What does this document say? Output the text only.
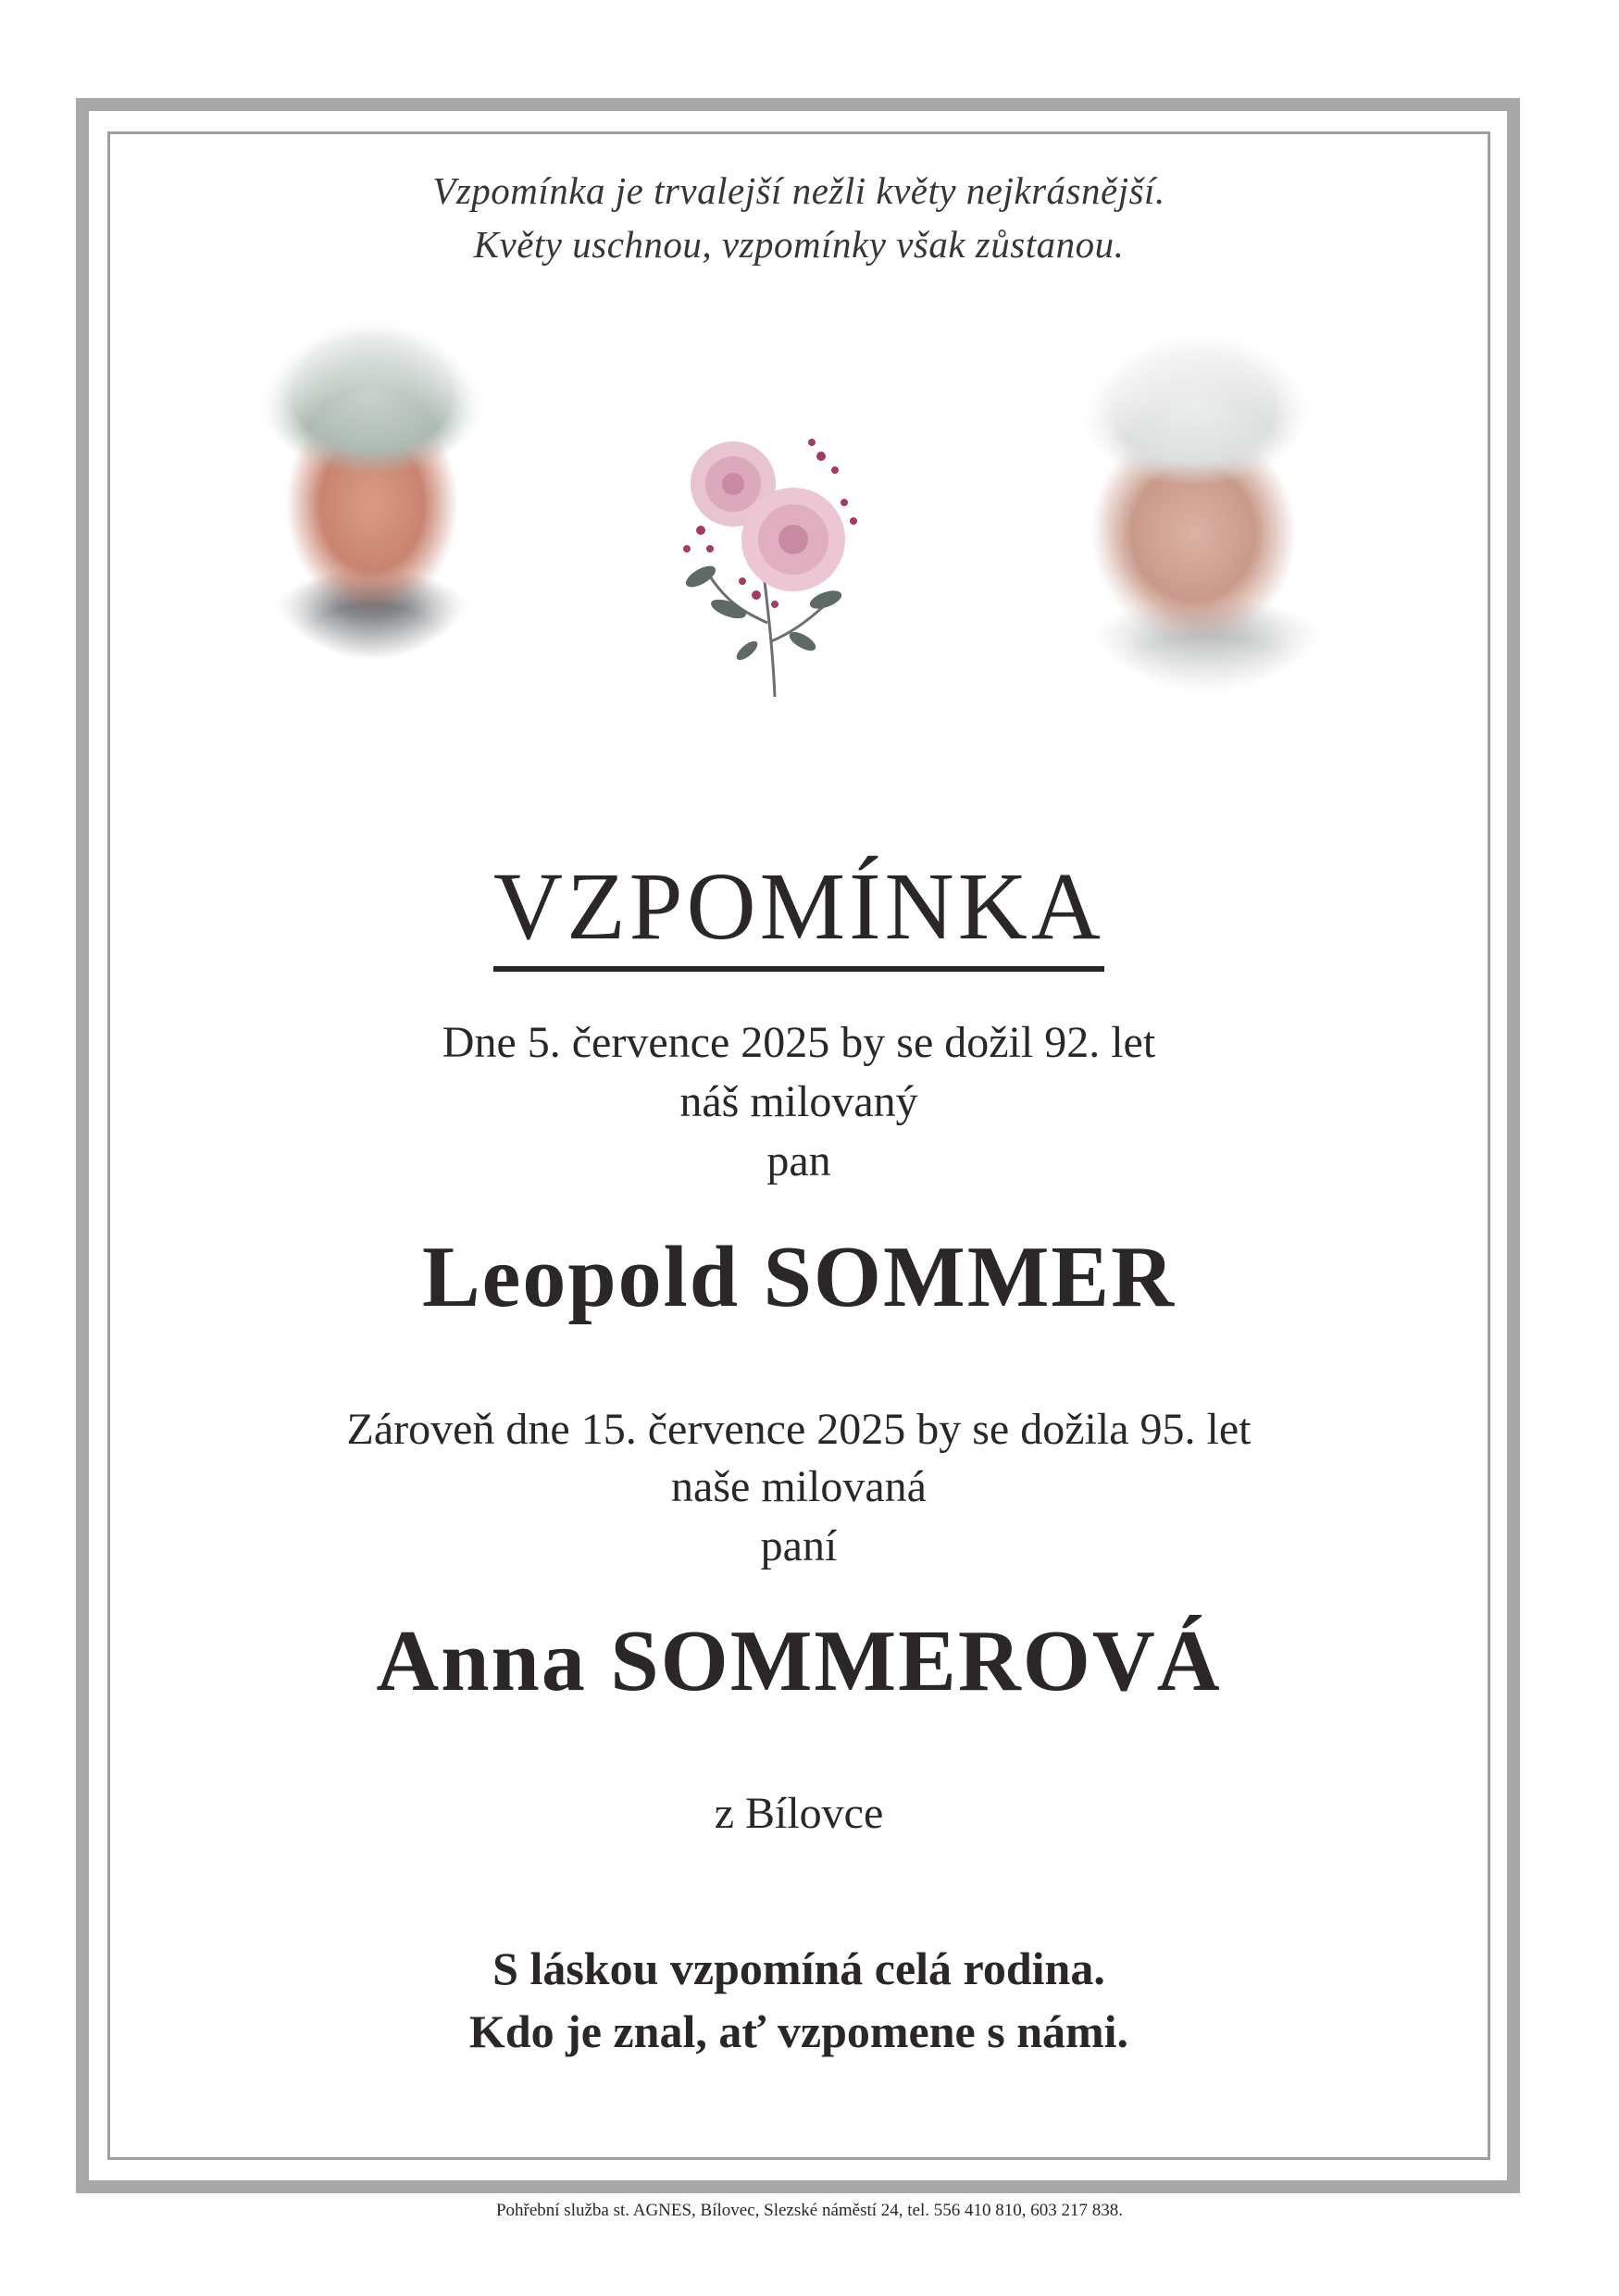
Vzpomínka je trvalejší nežli květy nejkrásnější.
Květy uschnou, vzpomínky však zůstanou.
VZPOMÍNKA
Dne 5. července 2025 by se dožil 92. let
náš milovaný
pan
Leopold SOMMER
Zároveň dne 15. července 2025 by se dožila 95. let
naše milovaná
paní
Anna SOMMEROVÁ
z Bílovce
S láskou vzpomíná celá rodina.
Kdo je znal, ať vzpomene s námi.
Pohřební služba st. AGNES, Bílovec, Slezské náměstí 24, tel. 556 410 810, 603 217 838.
